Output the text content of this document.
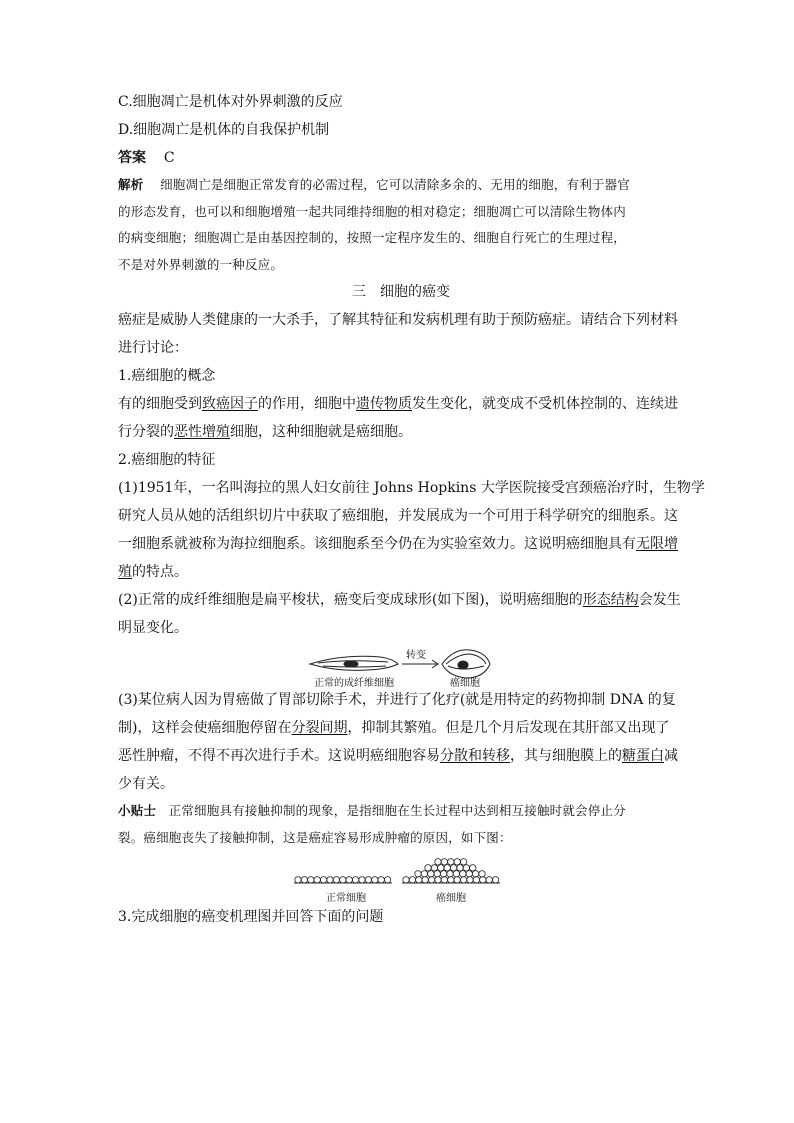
C.细胞凋亡是机体对外界刺激的反应
D.细胞凋亡是机体的自我保护机制
答案 C
解析 细胞凋亡是细胞正常发育的必需过程，它可以清除多余的、无用的细胞，有利于器官
的形态发育，也可以和细胞增殖一起共同维持细胞的相对稳定；细胞凋亡可以清除生物体内
的病变细胞；细胞凋亡是由基因控制的，按照一定程序发生的、细胞自行死亡的生理过程，
不是对外界刺激的一种反应。
三　细胞的癌变
癌症是威胁人类健康的一大杀手，了解其特征和发病机理有助于预防癌症。请结合下列材料
进行讨论：
1.癌细胞的概念
有的细胞受到致癌因子的作用，细胞中遗传物质发生变化，就变成不受机体控制的、连续进
行分裂的恶性增殖细胞，这种细胞就是癌细胞。
2.癌细胞的特征
(1)1951年，一名叫海拉的黑人妇女前往 Johns Hopkins 大学医院接受宫颈癌治疗时，生物学
研究人员从她的活组织切片中获取了癌细胞，并发展成为一个可用于科学研究的细胞系。这
一细胞系就被称为海拉细胞系。该细胞系至今仍在为实验室效力。这说明癌细胞具有无限增
殖的特点。
(2)正常的成纤维细胞是扁平梭状，癌变后变成球形(如下图)，说明癌细胞的形态结构会发生
明显变化。
转变
正常的成纤维细胞	癌细胞
(3)某位病人因为胃癌做了胃部切除手术，并进行了化疗(就是用特定的药物抑制 DNA 的复
制)，这样会使癌细胞停留在分裂间期，抑制其繁殖。但是几个月后发现在其肝部又出现了
恶性肿瘤，不得不再次进行手术。这说明癌细胞容易分散和转移，其与细胞膜上的糖蛋白减
少有关。
小贴士 正常细胞具有接触抑制的现象，是指细胞在生长过程中达到相互接触时就会停止分
裂。癌细胞丧失了接触抑制，这是癌症容易形成肿瘤的原因，如下图：
正常细胞	癌细胞
3.完成细胞的癌变机理图并回答下面的问题
